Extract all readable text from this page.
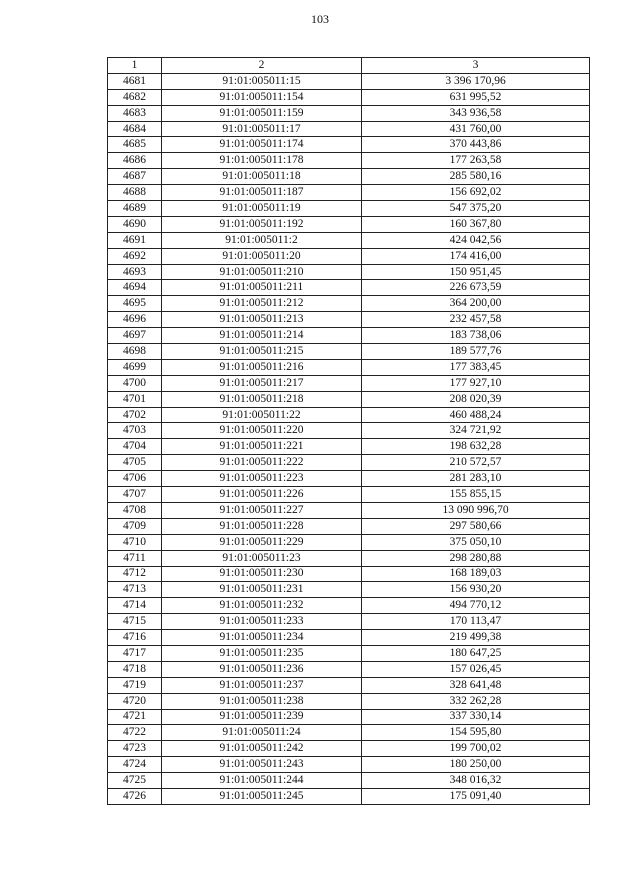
103
1	2	3
4681	91:01:005011:15	3 396 170,96
4682	91:01:005011:154	631 995,52
4683	91:01:005011:159	343 936,58
4684	91:01:005011:17	431 760,00
4685	91:01:005011:174	370 443,86
4686	91:01:005011:178	177 263,58
4687	91:01:005011:18	285 580,16
4688	91:01:005011:187	156 692,02
4689	91:01:005011:19	547 375,20
4690	91:01:005011:192	160 367,80
4691	91:01:005011:2	424 042,56
4692	91:01:005011:20	174 416,00
4693	91:01:005011:210	150 951,45
4694	91:01:005011:211	226 673,59
4695	91:01:005011:212	364 200,00
4696	91:01:005011:213	232 457,58
4697	91:01:005011:214	183 738,06
4698	91:01:005011:215	189 577,76
4699	91:01:005011:216	177 383,45
4700	91:01:005011:217	177 927,10
4701	91:01:005011:218	208 020,39
4702	91:01:005011:22	460 488,24
4703	91:01:005011:220	324 721,92
4704	91:01:005011:221	198 632,28
4705	91:01:005011:222	210 572,57
4706	91:01:005011:223	281 283,10
4707	91:01:005011:226	155 855,15
4708	91:01:005011:227	13 090 996,70
4709	91:01:005011:228	297 580,66
4710	91:01:005011:229	375 050,10
4711	91:01:005011:23	298 280,88
4712	91:01:005011:230	168 189,03
4713	91:01:005011:231	156 930,20
4714	91:01:005011:232	494 770,12
4715	91:01:005011:233	170 113,47
4716	91:01:005011:234	219 499,38
4717	91:01:005011:235	180 647,25
4718	91:01:005011:236	157 026,45
4719	91:01:005011:237	328 641,48
4720	91:01:005011:238	332 262,28
4721	91:01:005011:239	337 330,14
4722	91:01:005011:24	154 595,80
4723	91:01:005011:242	199 700,02
4724	91:01:005011:243	180 250,00
4725	91:01:005011:244	348 016,32
4726	91:01:005011:245	175 091,40
